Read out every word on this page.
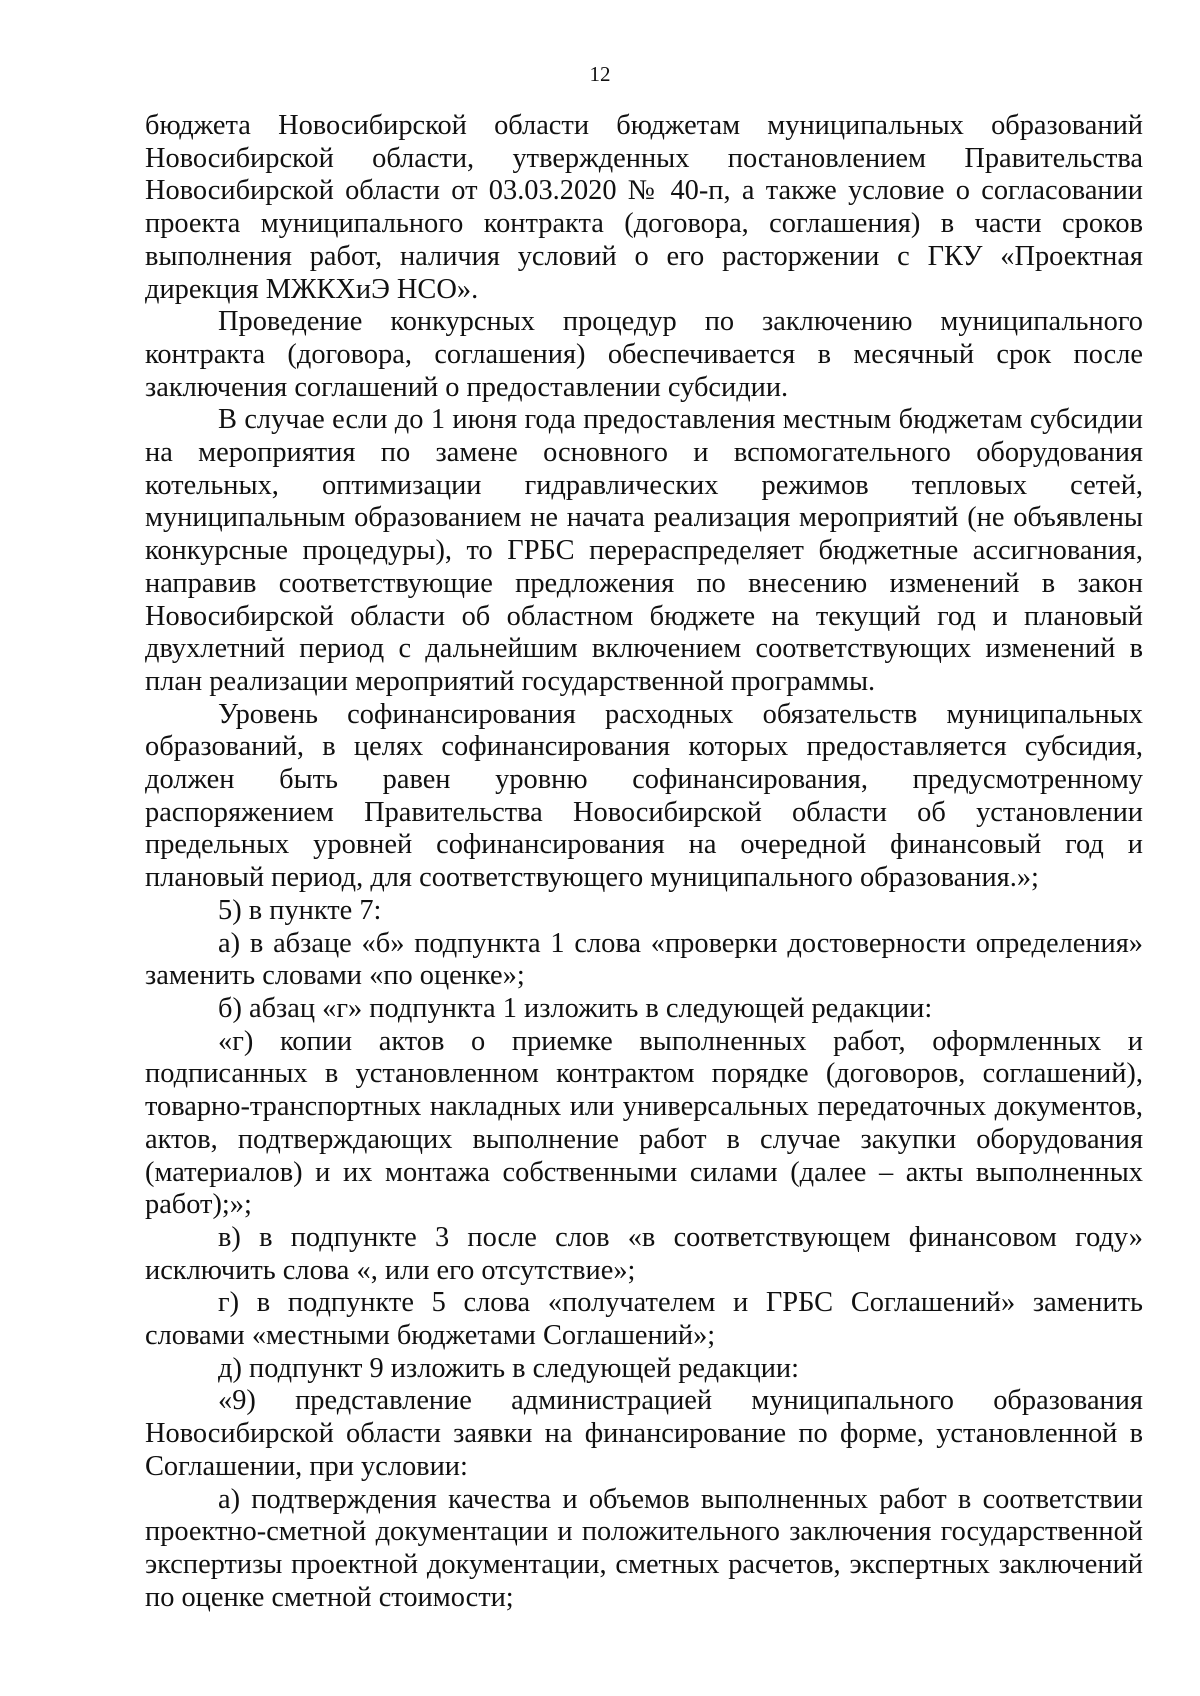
12

бюджета Новосибирской области бюджетам муниципальных образований Новосибирской области, утвержденных постановлением Правительства Новосибирской области от 03.03.2020 № 40-п, а также условие о согласовании проекта муниципального контракта (договора, соглашения) в части сроков выполнения работ, наличия условий о его расторжении с ГКУ «Проектная дирекция МЖКХиЭ НСО».

Проведение конкурсных процедур по заключению муниципального контракта (договора, соглашения) обеспечивается в месячный срок после заключения соглашений о предоставлении субсидии.

В случае если до 1 июня года предоставления местным бюджетам субсидии на мероприятия по замене основного и вспомогательного оборудования котельных, оптимизации гидравлических режимов тепловых сетей, муниципальным образованием не начата реализация мероприятий (не объявлены конкурсные процедуры), то ГРБС перераспределяет бюджетные ассигнования, направив соответствующие предложения по внесению изменений в закон Новосибирской области об областном бюджете на текущий год и плановый двухлетний период с дальнейшим включением соответствующих изменений в план реализации мероприятий государственной программы.

Уровень софинансирования расходных обязательств муниципальных образований, в целях софинансирования которых предоставляется субсидия, должен быть равен уровню софинансирования, предусмотренному распоряжением Правительства Новосибирской области об установлении предельных уровней софинансирования на очередной финансовый год и плановый период, для соответствующего муниципального образования.»;

5) в пункте 7:

а) в абзаце «б» подпункта 1 слова «проверки достоверности определения» заменить словами «по оценке»;

б) абзац «г» подпункта 1 изложить в следующей редакции:

«г) копии актов о приемке выполненных работ, оформленных и подписанных в установленном контрактом порядке (договоров, соглашений), товарно-транспортных накладных или универсальных передаточных документов, актов, подтверждающих выполнение работ в случае закупки оборудования (материалов) и их монтажа собственными силами (далее – акты выполненных работ);»;

в) в подпункте 3 после слов «в соответствующем финансовом году» исключить слова «, или его отсутствие»;

г) в подпункте 5 слова «получателем и ГРБС Соглашений» заменить словами «местными бюджетами Соглашений»;

д) подпункт 9 изложить в следующей редакции:

«9) представление администрацией муниципального образования Новосибирской области заявки на финансирование по форме, установленной в Соглашении, при условии:

а) подтверждения качества и объемов выполненных работ в соответствии проектно-сметной документации и положительного заключения государственной экспертизы проектной документации, сметных расчетов, экспертных заключений по оценке сметной стоимости;
